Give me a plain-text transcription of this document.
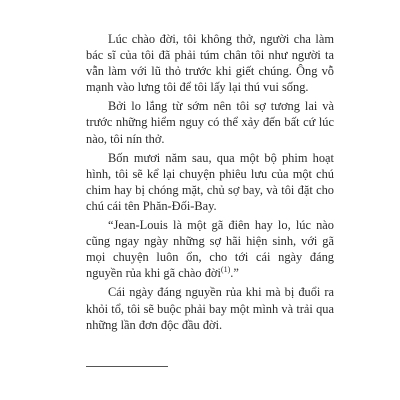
Lúc chào đời, tôi không thở, người cha làm bác sĩ của tôi đã phải túm chân tôi như người ta vẫn làm với lũ thỏ trước khi giết chúng. Ông vỗ mạnh vào lưng tôi để tôi lấy lại thú vui sống.

Bởi lo lắng từ sớm nên tôi sợ tương lai và trước những hiểm nguy có thể xảy đến bất cứ lúc nào, tôi nín thở.

Bốn mươi năm sau, qua một bộ phim hoạt hình, tôi sẽ kể lại chuyện phiêu lưu của một chú chim hay bị chóng mặt, chủ sợ bay, và tôi đặt cho chú cái tên Phăn-Đối-Bay.

“Jean-Louis là một gã điên hay lo, lúc nào cũng ngay ngày những sợ hãi hiện sinh, với gã mọi chuyện luôn ổn, cho tới cái ngày đáng nguyền rủa khi gã chào đời$^{(1)}$.”

Cái ngày đáng nguyền rủa khi mà bị đuổi ra khỏi tổ, tôi sẽ buộc phải bay một mình và trải qua những lần đơn độc đầu đời.
